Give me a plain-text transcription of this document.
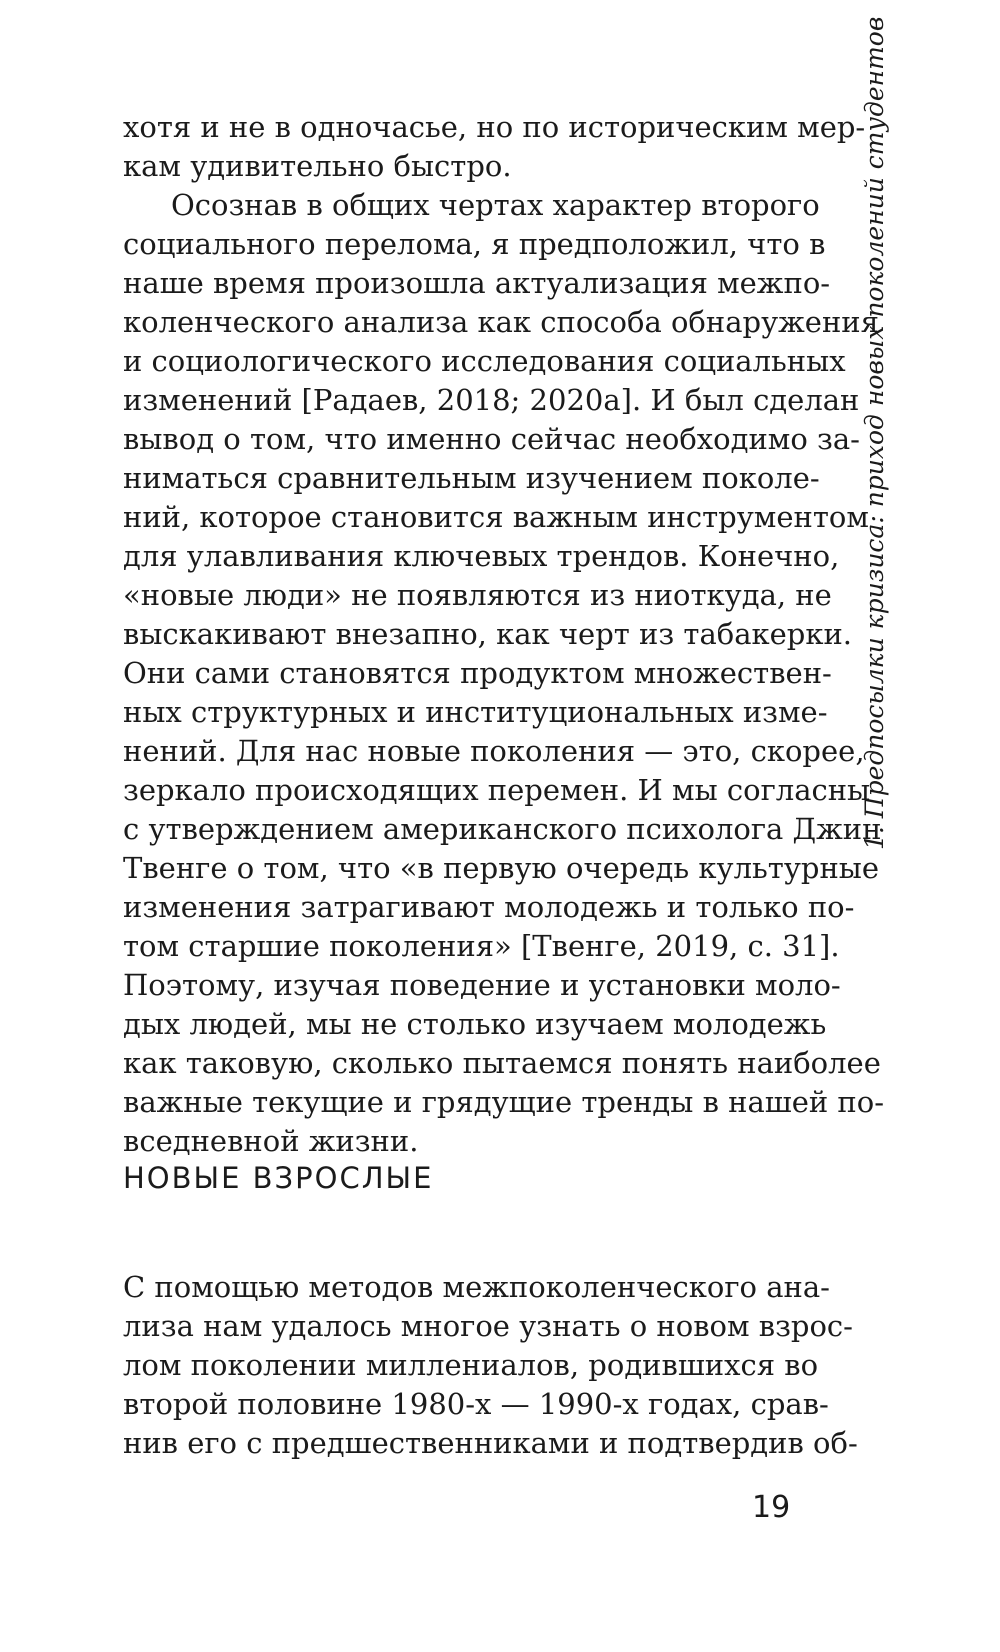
хотя и не в одночасье, но по историческим мер-
кам удивительно быстро.
Осознав в общих чертах характер второго
социального перелома, я предположил, что в
наше время произошла актуализация межпо-
коленческого анализа как способа обнаружения
и социологического исследования социальных
изменений [Радаев, 2018; 2020а]. И был сделан
вывод о том, что именно сейчас необходимо за-
ниматься сравнительным изучением поколе-
ний, которое становится важным инструментом
для улавливания ключевых трендов. Конечно,
«новые люди» не появляются из ниоткуда, не
выскакивают внезапно, как черт из табакерки.
Они сами становятся продуктом множествен-
ных структурных и институциональных изме-
нений. Для нас новые поколения — это, скорее,
зеркало происходящих перемен. И мы согласны
с утверждением американского психолога Джин
Твенге о том, что «в первую очередь культурные
изменения затрагивают молодежь и только по-
том старшие поколения» [Твенге, 2019, с. 31].
Поэтому, изучая поведение и установки моло-
дых людей, мы не столько изучаем молодежь
как таковую, сколько пытаемся понять наиболее
важные текущие и грядущие тренды в нашей по-
вседневной жизни.
НОВЫЕ ВЗРОСЛЫЕ
С помощью методов межпоколенческого ана-
лиза нам удалось многое узнать о новом взрос-
лом поколении миллениалов, родившихся во
второй половине 1980-х — 1990-х годах, срав-
нив его с предшественниками и подтвердив об-
19
1. Предпосылки кризиса: приход новых поколений студентов
